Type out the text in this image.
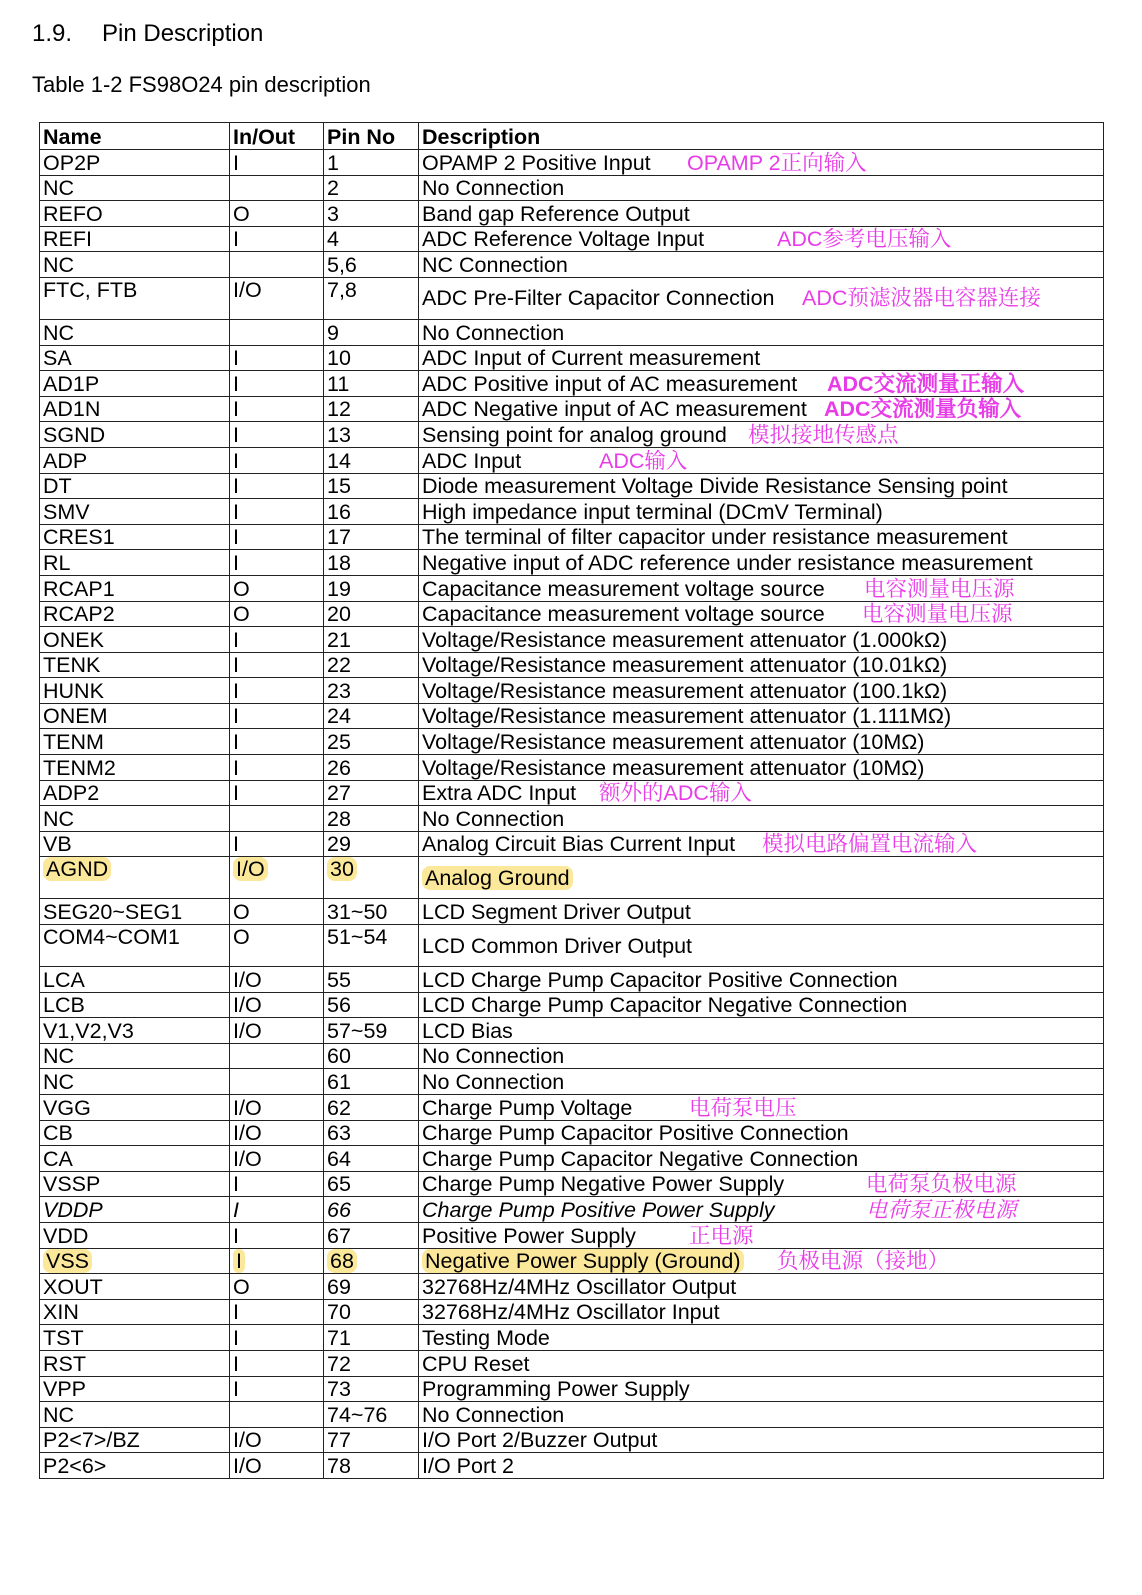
1.9. Pin Description
Table 1-2 FS98O24 pin description
Name	In/Out	Pin No	Description
OP2P	I	1	OPAMP 2 Positive Input OPAMP 2正向输入

NC		2	No Connection
REFO	O	3	Band gap Reference Output
REFI	I	4	ADC Reference Voltage Input ADC参考电压输入

NC		5,6	NC Connection
FTC, FTB	I/O	7,8	ADC Pre-Filter Capacitor Connection ADC预滤波器电容器连接

NC		9	No Connection
SA	I	10	ADC Input of Current measurement
AD1P	I	11	ADC Positive input of AC measurement ADC交流测量正输入

AD1N	I	12	ADC Negative input of AC measurement ADC交流测量负输入

SGND	I	13	Sensing point for analog ground 模拟接地传感点

ADP	I	14	ADC Input ADC输入

DT	I	15	Diode measurement Voltage Divide Resistance Sensing point
SMV	I	16	High impedance input terminal (DCmV Terminal)
CRES1	I	17	The terminal of filter capacitor under resistance measurement
RL	I	18	Negative input of ADC reference under resistance measurement
RCAP1	O	19	Capacitance measurement voltage source 电容测量电压源

RCAP2	O	20	Capacitance measurement voltage source 电容测量电压源

ONEK	I	21	Voltage/Resistance measurement attenuator (1.000kΩ)
TENK	I	22	Voltage/Resistance measurement attenuator (10.01kΩ)
HUNK	I	23	Voltage/Resistance measurement attenuator (100.1kΩ)
ONEM	I	24	Voltage/Resistance measurement attenuator (1.111MΩ)
TENM	I	25	Voltage/Resistance measurement attenuator (10MΩ)
TENM2	I	26	Voltage/Resistance measurement attenuator (10MΩ)
ADP2	I	27	Extra ADC Input 额外的ADC输入

NC		28	No Connection
VB	I	29	Analog Circuit Bias Current Input 模拟电路偏置电流输入

AGND	I/O	30	Analog Ground
SEG20~SEG1	O	31~50	LCD Segment Driver Output
COM4~COM1	O	51~54	LCD Common Driver Output
LCA	I/O	55	LCD Charge Pump Capacitor Positive Connection
LCB	I/O	56	LCD Charge Pump Capacitor Negative Connection
V1,V2,V3	I/O	57~59	LCD Bias
NC		60	No Connection
NC		61	No Connection
VGG	I/O	62	Charge Pump Voltage 电荷泵电压

CB	I/O	63	Charge Pump Capacitor Positive Connection
CA	I/O	64	Charge Pump Capacitor Negative Connection
VSSP	I	65	Charge Pump Negative Power Supply 电荷泵负极电源

VDDP	I	66	Charge Pump Positive Power Supply 电荷泵正极电源

VDD	I	67	Positive Power Supply 正电源

VSS	I	68	Negative Power Supply (Ground) 负极电源（接地）

XOUT	O	69	32768Hz/4MHz Oscillator Output
XIN	I	70	32768Hz/4MHz Oscillator Input
TST	I	71	Testing Mode
RST	I	72	CPU Reset
VPP	I	73	Programming Power Supply
NC		74~76	No Connection
P2<7>/BZ	I/O	77	I/O Port 2/Buzzer Output
P2<6>	I/O	78	I/O Port 2
